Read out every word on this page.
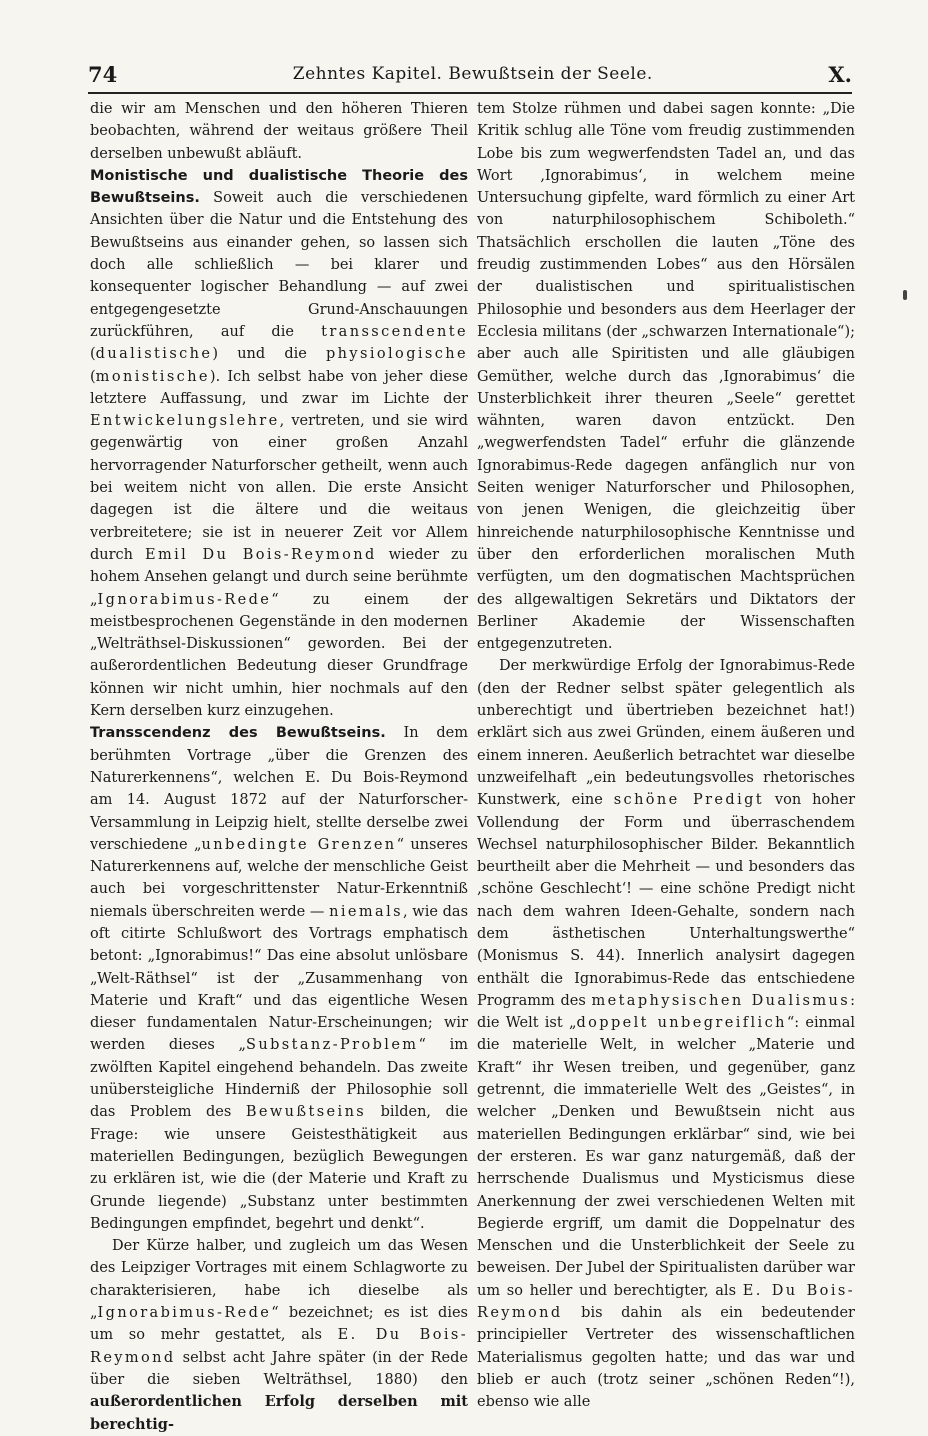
74	Zehntes Kapitel. Bewußtsein der Seele.	X.

die wir am Menschen und den höheren Thieren beobachten, während der weitaus größere Theil derselben unbewußt abläuft.

Monistische und dualistische Theorie des Bewußtseins. Soweit auch die verschiedenen Ansichten über die Natur und die Entstehung des Bewußtseins aus einander gehen, so lassen sich doch alle schließlich — bei klarer und konsequenter logischer Behandlung — auf zwei entgegengesetzte Grund-Anschauungen zurückführen, auf die transscendente (dualistische) und die physiologische (monistische). Ich selbst habe von jeher diese letztere Auffassung, und zwar im Lichte der Entwickelungslehre, vertreten, und sie wird gegenwärtig von einer großen Anzahl hervorragender Naturforscher getheilt, wenn auch bei weitem nicht von allen. Die erste Ansicht dagegen ist die ältere und die weitaus verbreitetere; sie ist in neuerer Zeit vor Allem durch Emil Du Bois-Reymond wieder zu hohem Ansehen gelangt und durch seine berühmte „Ignorabimus-Rede“ zu einem der meistbesprochenen Gegenstände in den modernen „Welträthsel-Diskussionen“ geworden. Bei der außerordentlichen Bedeutung dieser Grundfrage können wir nicht umhin, hier nochmals auf den Kern derselben kurz einzugehen.

Transscendenz des Bewußtseins. In dem berühmten Vortrage „über die Grenzen des Naturerkennens“, welchen E. Du Bois-Reymond am 14. August 1872 auf der Naturforscher-Versammlung in Leipzig hielt, stellte derselbe zwei verschiedene „unbedingte Grenzen“ unseres Naturerkennens auf, welche der menschliche Geist auch bei vorgeschrittenster Natur-Erkenntniß niemals überschreiten werde — niemals, wie das oft citirte Schlußwort des Vortrags emphatisch betont: „Ignorabimus!“ Das eine absolut unlösbare „Welt-Räthsel“ ist der „Zusammenhang von Materie und Kraft“ und das eigentliche Wesen dieser fundamentalen Natur-Erscheinungen; wir werden dieses „Substanz-Problem“ im zwölften Kapitel eingehend behandeln. Das zweite unübersteigliche Hinderniß der Philosophie soll das Problem des Bewußtseins bilden, die Frage: wie unsere Geistesthätigkeit aus materiellen Bedingungen, bezüglich Bewegungen zu erklären ist, wie die (der Materie und Kraft zu Grunde liegende) „Substanz unter bestimmten Bedingungen empfindet, begehrt und denkt“.

Der Kürze halber, und zugleich um das Wesen des Leipziger Vortrages mit einem Schlagworte zu charakterisieren, habe ich dieselbe als „Ignorabimus-Rede“ bezeichnet; es ist dies um so mehr gestattet, als E. Du Bois-Reymond selbst acht Jahre später (in der Rede über die sieben Welträthsel, 1880) den außerordentlichen Erfolg derselben mit berechtig-

tem Stolze rühmen und dabei sagen konnte: „Die Kritik schlug alle Töne vom freudig zustimmenden Lobe bis zum wegwerfendsten Tadel an, und das Wort ‚Ignorabimus‘, in welchem meine Untersuchung gipfelte, ward förmlich zu einer Art von naturphilosophischem Schiboleth.“ Thatsächlich erschollen die lauten „Töne des freudig zustimmenden Lobes“ aus den Hörsälen der dualistischen und spiritualistischen Philosophie und besonders aus dem Heerlager der Ecclesia militans (der „schwarzen Internationale“); aber auch alle Spiritisten und alle gläubigen Gemüther, welche durch das ‚Ignorabimus‘ die Unsterblichkeit ihrer theuren „Seele“ gerettet wähnten, waren davon entzückt. Den „wegwerfendsten Tadel“ erfuhr die glänzende Ignorabimus-Rede dagegen anfänglich nur von Seiten weniger Naturforscher und Philosophen, von jenen Wenigen, die gleichzeitig über hinreichende naturphilosophische Kenntnisse und über den erforderlichen moralischen Muth verfügten, um den dogmatischen Machtsprüchen des allgewaltigen Sekretärs und Diktators der Berliner Akademie der Wissenschaften entgegenzutreten.

Der merkwürdige Erfolg der Ignorabimus-Rede (den der Redner selbst später gelegentlich als unberechtigt und übertrieben bezeichnet hat!) erklärt sich aus zwei Gründen, einem äußeren und einem inneren. Aeußerlich betrachtet war dieselbe unzweifelhaft „ein bedeutungsvolles rhetorisches Kunstwerk, eine schöne Predigt von hoher Vollendung der Form und überraschendem Wechsel naturphilosophischer Bilder. Bekanntlich beurtheilt aber die Mehrheit — und besonders das ‚schöne Geschlecht‘! — eine schöne Predigt nicht nach dem wahren Ideen-Gehalte, sondern nach dem ästhetischen Unterhaltungswerthe“ (Monismus S. 44). Innerlich analysirt dagegen enthält die Ignorabimus-Rede das entschiedene Programm des metaphysischen Dualismus: die Welt ist „doppelt unbegreiflich“: einmal die materielle Welt, in welcher „Materie und Kraft“ ihr Wesen treiben, und gegenüber, ganz getrennt, die immaterielle Welt des „Geistes“, in welcher „Denken und Bewußtsein nicht aus materiellen Bedingungen erklärbar“ sind, wie bei der ersteren. Es war ganz naturgemäß, daß der herrschende Dualismus und Mysticismus diese Anerkennung der zwei verschiedenen Welten mit Begierde ergriff, um damit die Doppelnatur des Menschen und die Unsterblichkeit der Seele zu beweisen. Der Jubel der Spiritualisten darüber war um so heller und berechtigter, als E. Du Bois-Reymond bis dahin als ein bedeutender principieller Vertreter des wissenschaftlichen Materialismus gegolten hatte; und das war und blieb er auch (trotz seiner „schönen Reden“!), ebenso wie alle
